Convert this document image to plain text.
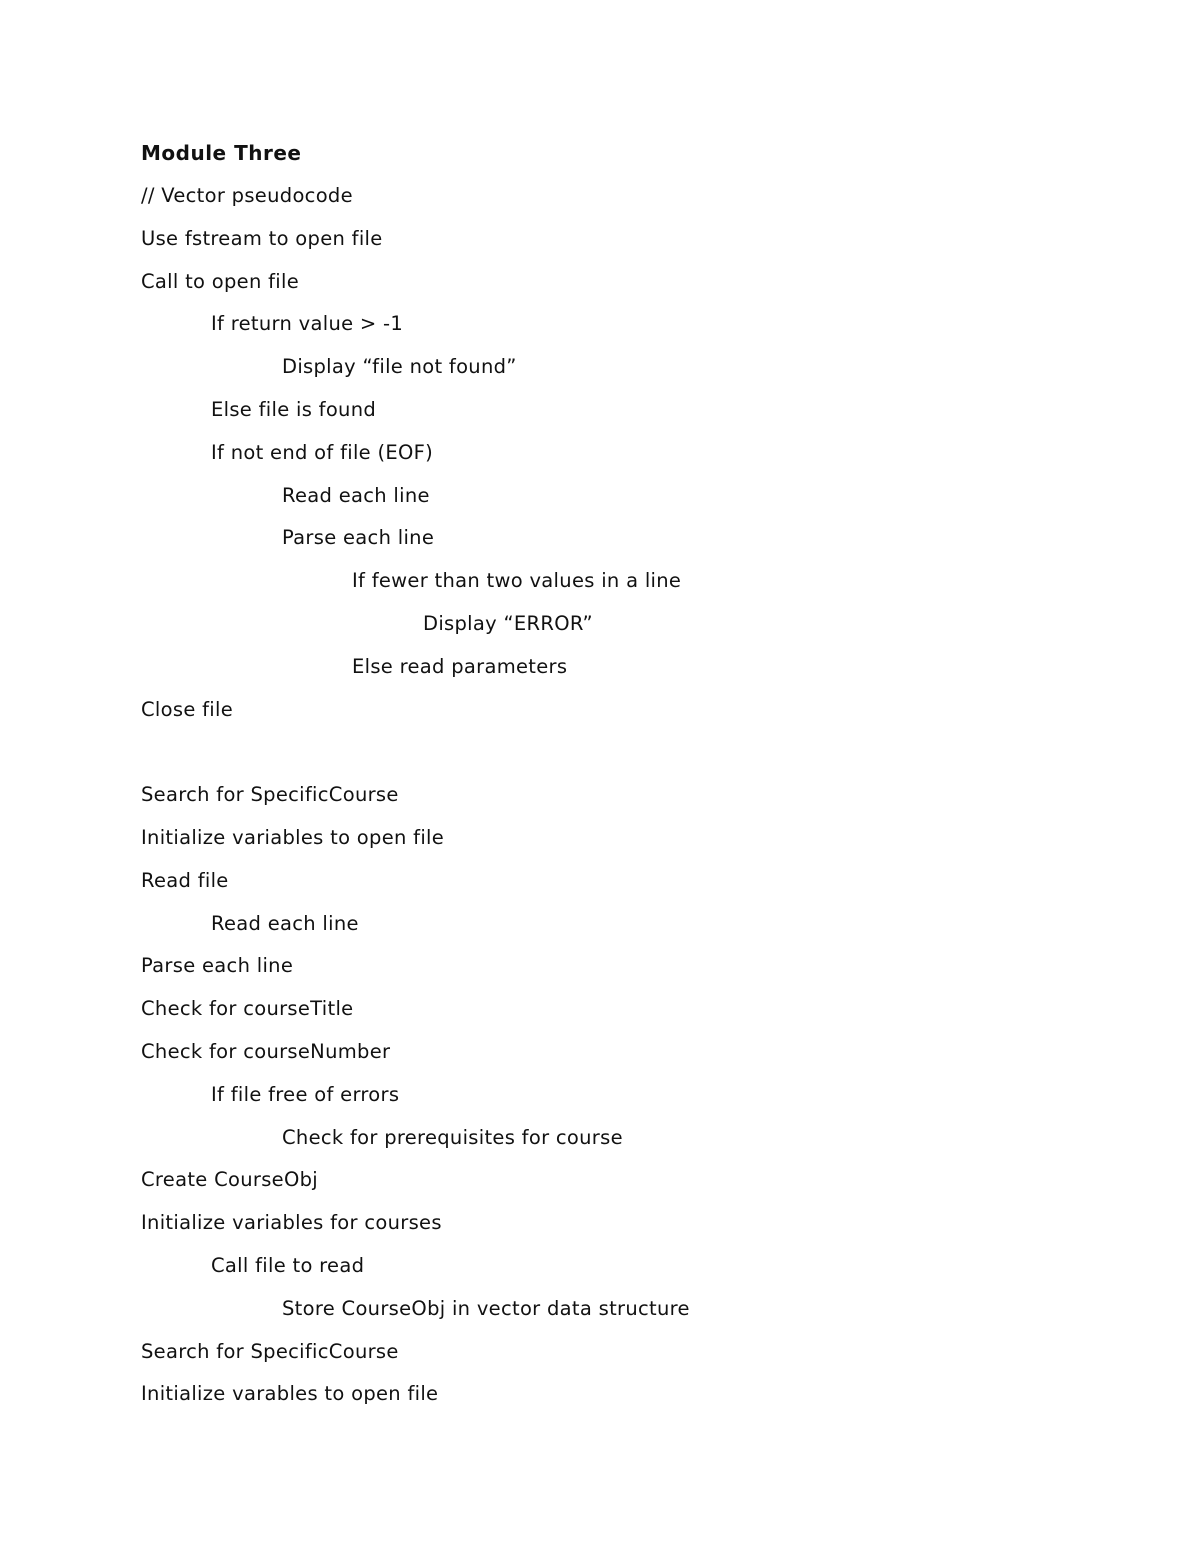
Module Three
// Vector pseudocode
Use fstream to open file
Call to open file
If return value > -1
Display “file not found”
Else file is found
If not end of file (EOF)
Read each line
Parse each line
If fewer than two values in a line
Display “ERROR”
Else read parameters
Close file
Search for SpecificCourse
Initialize variables to open file
Read file
Read each line
Parse each line
Check for courseTitle
Check for courseNumber
If file free of errors
Check for prerequisites for course
Create CourseObj
Initialize variables for courses
Call file to read
Store CourseObj in vector data structure
Search for SpecificCourse
Initialize varables to open file
